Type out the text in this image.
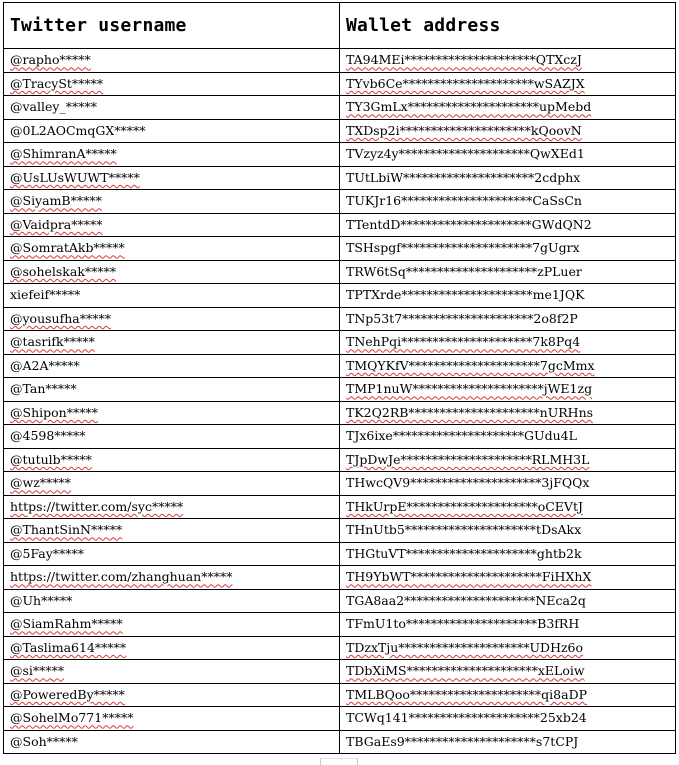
Twitter username	Wallet address
@rapho*****	TA94MEi*********************QTXczJ
@TracySt*****	TYvb6Ce*********************wSAZJX
@valley_*****	TY3GmLx*********************upMebd
@0L2AOCmqGX*****	TXDsp2i*********************kQoovN
@ShimranA*****	TVzyz4y*********************QwXEd1
@UsLUsWUWT*****	TUtLbiW*********************2cdphx
@SiyamB*****	TUKJr16*********************CaSsCn
@Vaidpra*****	TTentdD*********************GWdQN2
@SomratAkb*****	TSHspgf*********************7gUgrx
@sohelskak*****	TRW6tSq*********************zPLuer
xiefeif*****	TPTXrde*********************me1JQK
@yousufha*****	TNp53t7*********************2o8f2P
@tasrifk*****	TNehPqi*********************7k8Pq4
@A2A*****	TMQYKfV*********************7gcMmx
@Tan*****	TMP1nuW*********************jWE1zg
@Shipon*****	TK2Q2RB*********************nURHns
@4598*****	TJx6ixe*********************GUdu4L
@tutulb*****	TJpDwJe*********************RLMH3L
@wz*****	THwcQV9*********************3jFQQx
https://twitter.com/syc*****	THkUrpE*********************oCEVtJ
@ThantSinN*****	THnUtb5*********************tDsAkx
@5Fay*****	THGtuVT*********************ghtb2k
https://twitter.com/zhanghuan*****	TH9YbWT*********************FiHXhX
@Uh*****	TGA8aa2*********************NEca2q
@SiamRahm*****	TFmU1to*********************B3fRH
@Taslima614*****	TDzxTju*********************UDHz6o
@si*****	TDbXiMS*********************xELoiw
@PoweredBy*****	TMLBQoo*********************qi8aDP
@SohelMo771*****	TCWq141*********************25xb24
@Soh*****	TBGaEs9*********************s7tCPJ
